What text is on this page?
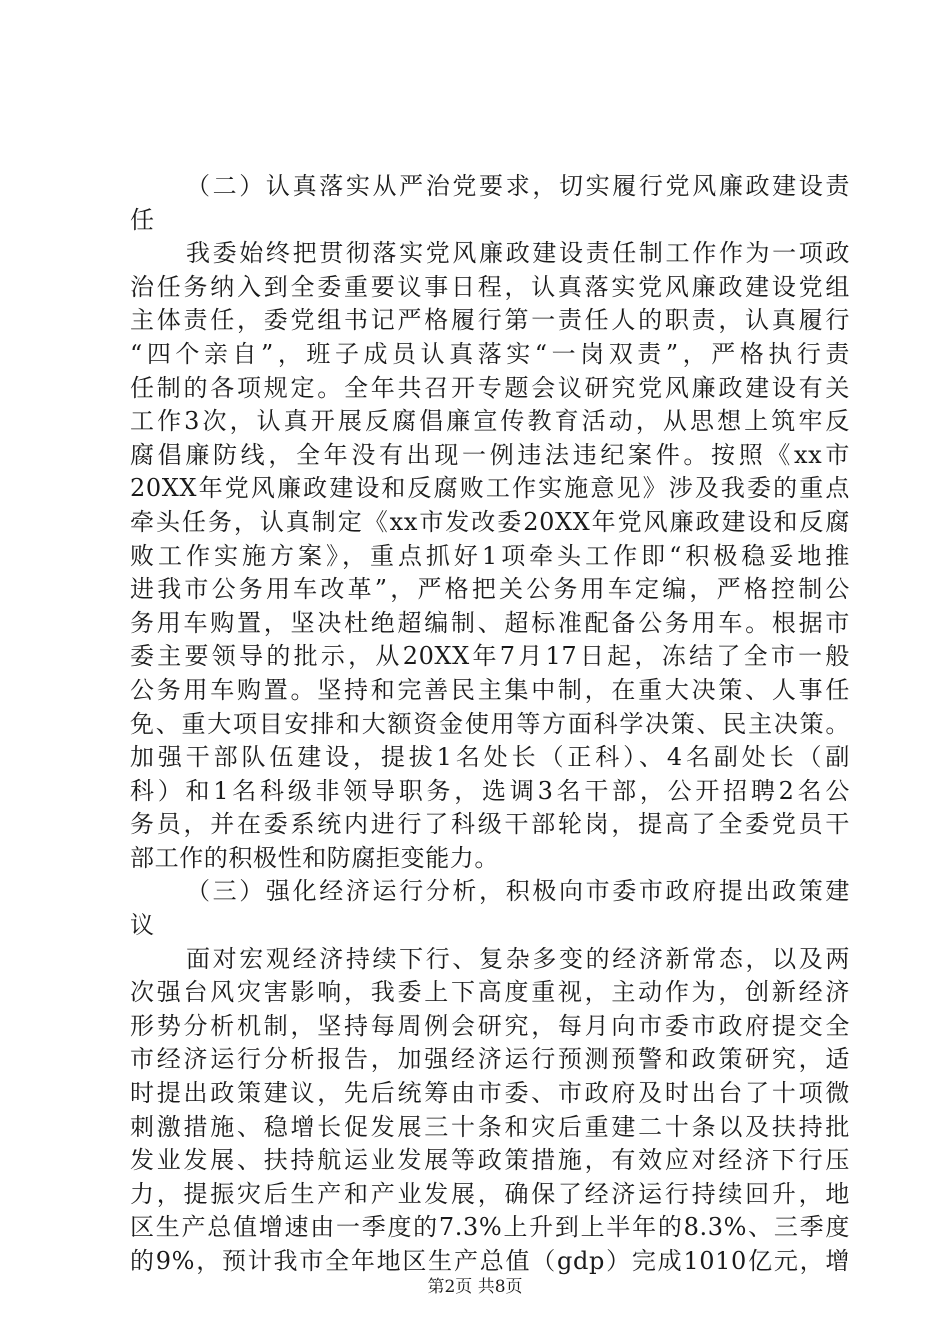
（二）认真落实从严治党要求，切实履行党风廉政建设责
任
我委始终把贯彻落实党风廉政建设责任制工作作为一项政
治任务纳入到全委重要议事日程，认真落实党风廉政建设党组
主体责任，委党组书记严格履行第一责任人的职责，认真履行
“四个亲自”，班子成员认真落实“一岗双责”，严格执行责
任制的各项规定。全年共召开专题会议研究党风廉政建设有关
工作3次，认真开展反腐倡廉宣传教育活动，从思想上筑牢反
腐倡廉防线，全年没有出现一例违法违纪案件。按照《xx市
20XX年党风廉政建设和反腐败工作实施意见》涉及我委的重点
牵头任务，认真制定《xx市发改委20XX年党风廉政建设和反腐
败工作实施方案》，重点抓好1项牵头工作即“积极稳妥地推
进我市公务用车改革”，严格把关公务用车定编，严格控制公
务用车购置，坚决杜绝超编制、超标准配备公务用车。根据市
委主要领导的批示，从20XX年7月17日起，冻结了全市一般
公务用车购置。坚持和完善民主集中制，在重大决策、人事任
免、重大项目安排和大额资金使用等方面科学决策、民主决策。
加强干部队伍建设，提拔1名处长（正科）、4名副处长（副
科）和1名科级非领导职务，选调3名干部，公开招聘2名公
务员，并在委系统内进行了科级干部轮岗，提高了全委党员干
部工作的积极性和防腐拒变能力。
（三）强化经济运行分析，积极向市委市政府提出政策建
议
面对宏观经济持续下行、复杂多变的经济新常态，以及两
次强台风灾害影响，我委上下高度重视，主动作为，创新经济
形势分析机制，坚持每周例会研究，每月向市委市政府提交全
市经济运行分析报告，加强经济运行预测预警和政策研究，适
时提出政策建议，先后统筹由市委、市政府及时出台了十项微
刺激措施、稳增长促发展三十条和灾后重建二十条以及扶持批
发业发展、扶持航运业发展等政策措施，有效应对经济下行压
力，提振灾后生产和产业发展，确保了经济运行持续回升，地
区生产总值增速由一季度的7.3%上升到上半年的8.3%、三季度
的9%，预计我市全年地区生产总值（gdp）完成1010亿元，增
第2页 共8页
